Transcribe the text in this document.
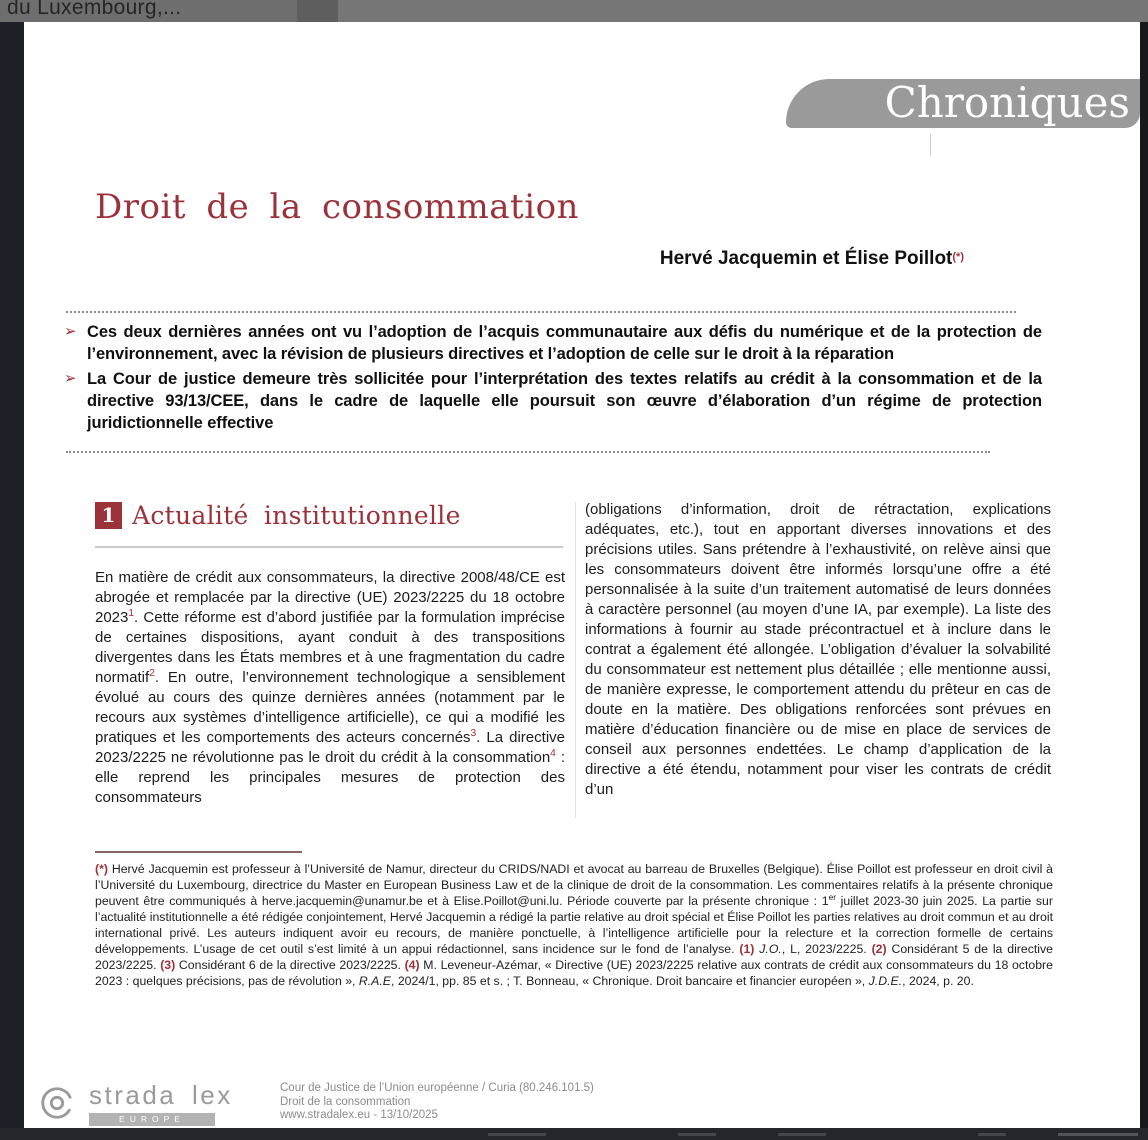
du Luxembourg,...
Chroniques
Droit de la consommation
Hervé Jacquemin et Élise Poillot(*)
➢ Ces deux dernières années ont vu l’adoption de l’acquis communautaire aux défis du numérique et de la protection de l’environnement, avec la révision de plusieurs directives et l’adoption de celle sur le droit à la réparation
➢ La Cour de justice demeure très sollicitée pour l’interprétation des textes relatifs au crédit à la consommation et de la directive 93/13/CEE, dans le cadre de laquelle elle poursuit son œuvre d’élaboration d’un régime de protection juridictionnelle effective
1 Actualité institutionnelle
En matière de crédit aux consommateurs, la directive 2008/48/CE est abrogée et remplacée par la directive (UE) 2023/2225 du 18 octobre 2023$^1$. Cette réforme est d’abord justifiée par la formulation imprécise de certaines dispositions, ayant conduit à des transpositions divergentes dans les États membres et à une fragmentation du cadre normatif$^2$. En outre, l’environnement technologique a sensiblement évolué au cours des quinze dernières années (notamment par le recours aux systèmes d’intelligence artificielle), ce qui a modifié les pratiques et les comportements des acteurs concernés$^3$. La directive 2023/2225 ne révolutionne pas le droit du crédit à la consommation$^4$ : elle reprend les principales mesures de protection des consommateurs
(obligations d’information, droit de rétractation, explications adéquates, etc.), tout en apportant diverses innovations et des précisions utiles. Sans prétendre à l’exhaustivité, on relève ainsi que les consommateurs doivent être informés lorsqu’une offre a été personnalisée à la suite d’un traitement automatisé de leurs données à caractère personnel (au moyen d’une IA, par exemple). La liste des informations à fournir au stade précontractuel et à inclure dans le contrat a également été allongée. L’obligation d’évaluer la solvabilité du consommateur est nettement plus détaillée ; elle mentionne aussi, de manière expresse, le comportement attendu du prêteur en cas de doute en la matière. Des obligations renforcées sont prévues en matière d’éducation financière ou de mise en place de services de conseil aux personnes endettées. Le champ d’application de la directive a été étendu, notamment pour viser les contrats de crédit d’un
(*) Hervé Jacquemin est professeur à l’Université de Namur, directeur du CRIDS/NADI et avocat au barreau de Bruxelles (Belgique). Élise Poillot est professeur en droit civil à l’Université du Luxembourg, directrice du Master en European Business Law et de la clinique de droit de la consommation. Les commentaires relatifs à la présente chronique peuvent être communiqués à herve.jacquemin@unamur.be et à Elise.Poillot@uni.lu. Période couverte par la présente chronique : 1er juillet 2023-30 juin 2025. La partie sur l’actualité institutionnelle a été rédigée conjointement, Hervé Jacquemin a rédigé la partie relative au droit spécial et Élise Poillot les parties relatives au droit commun et au droit international privé. Les auteurs indiquent avoir eu recours, de manière ponctuelle, à l’intelligence artificielle pour la relecture et la correction formelle de certains développements. L’usage de cet outil s’est limité à un appui rédactionnel, sans incidence sur le fond de l’analyse. (1) J.O., L, 2023/2225. (2) Considérant 5 de la directive 2023/2225. (3) Considérant 6 de la directive 2023/2225. (4) M. Leveneur-Azémar, « Directive (UE) 2023/2225 relative aux contrats de crédit aux consommateurs du 18 octobre 2023 : quelques précisions, pas de révolution », R.A.E, 2024/1, pp. 85 et s. ; T. Bonneau, « Chronique. Droit bancaire et financier européen », J.D.E., 2024, p. 20.
strada lex
EUROPE
Cour de Justice de l’Union européenne / Curia (80.246.101.5)
Droit de la consommation
www.stradalex.eu - 13/10/2025
